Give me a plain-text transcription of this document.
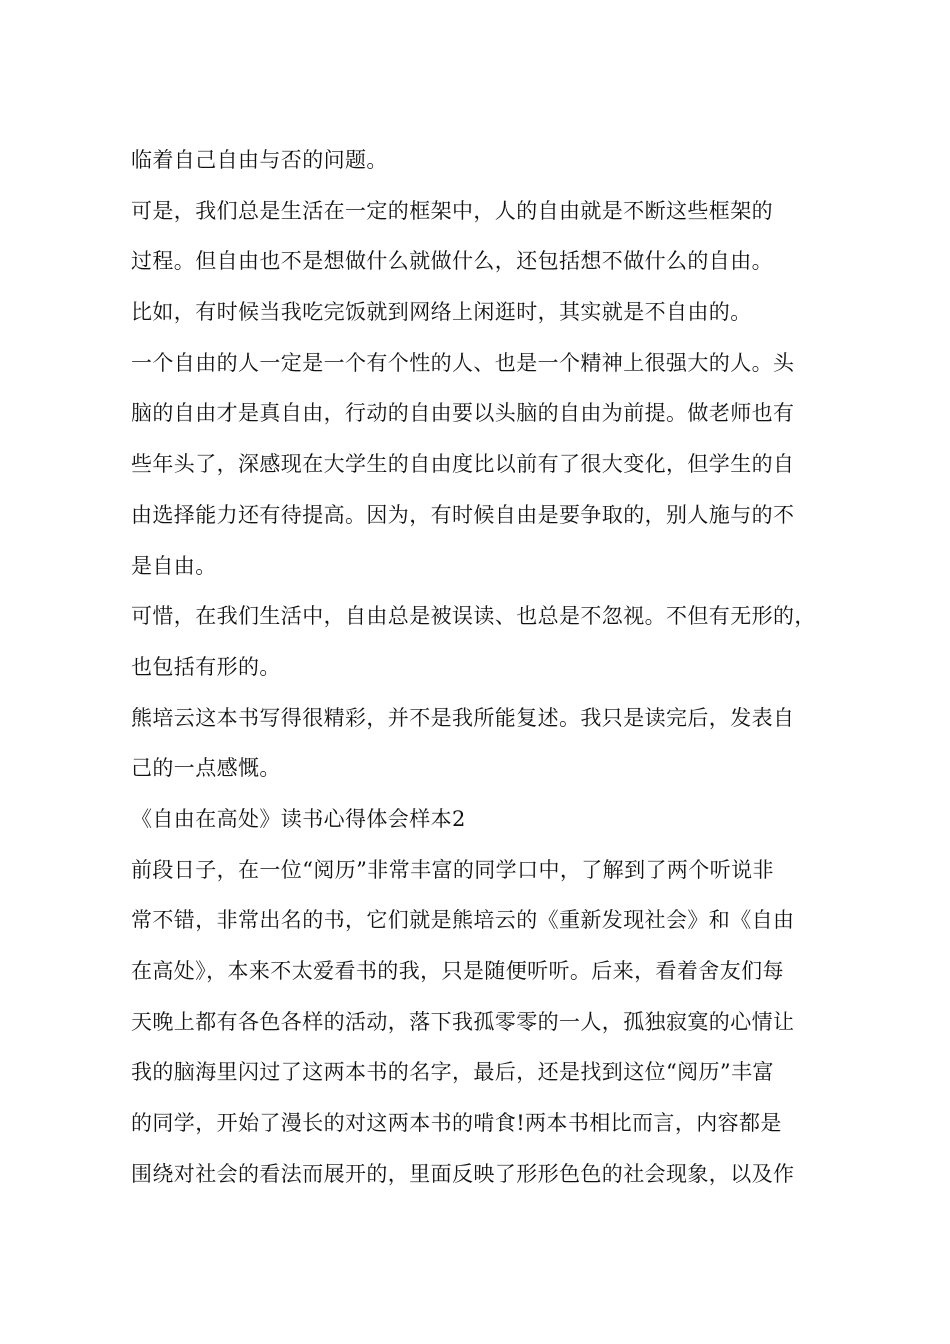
临着自己自由与否的问题。
可是，我们总是生活在一定的框架中，人的自由就是不断这些框架的
过程。但自由也不是想做什么就做什么，还包括想不做什么的自由。
比如，有时候当我吃完饭就到网络上闲逛时，其实就是不自由的。
一个自由的人一定是一个有个性的人、也是一个精神上很强大的人。头
脑的自由才是真自由，行动的自由要以头脑的自由为前提。做老师也有
些年头了，深感现在大学生的自由度比以前有了很大变化，但学生的自
由选择能力还有待提高。因为，有时候自由是要争取的，别人施与的不
是自由。
可惜，在我们生活中，自由总是被误读、也总是不忽视。不但有无形的，
也包括有形的。
熊培云这本书写得很精彩，并不是我所能复述。我只是读完后，发表自
己的一点感慨。
《自由在高处》读书心得体会样本2
前段日子，在一位“阅历”非常丰富的同学口中，了解到了两个听说非
常不错，非常出名的书，它们就是熊培云的《重新发现社会》和《自由
在高处》，本来不太爱看书的我，只是随便听听。后来，看着舍友们每
天晚上都有各色各样的活动，落下我孤零零的一人，孤独寂寞的心情让
我的脑海里闪过了这两本书的名字，最后，还是找到这位“阅历”丰富
的同学，开始了漫长的对这两本书的啃食!两本书相比而言，内容都是
围绕对社会的看法而展开的，里面反映了形形色色的社会现象，以及作
